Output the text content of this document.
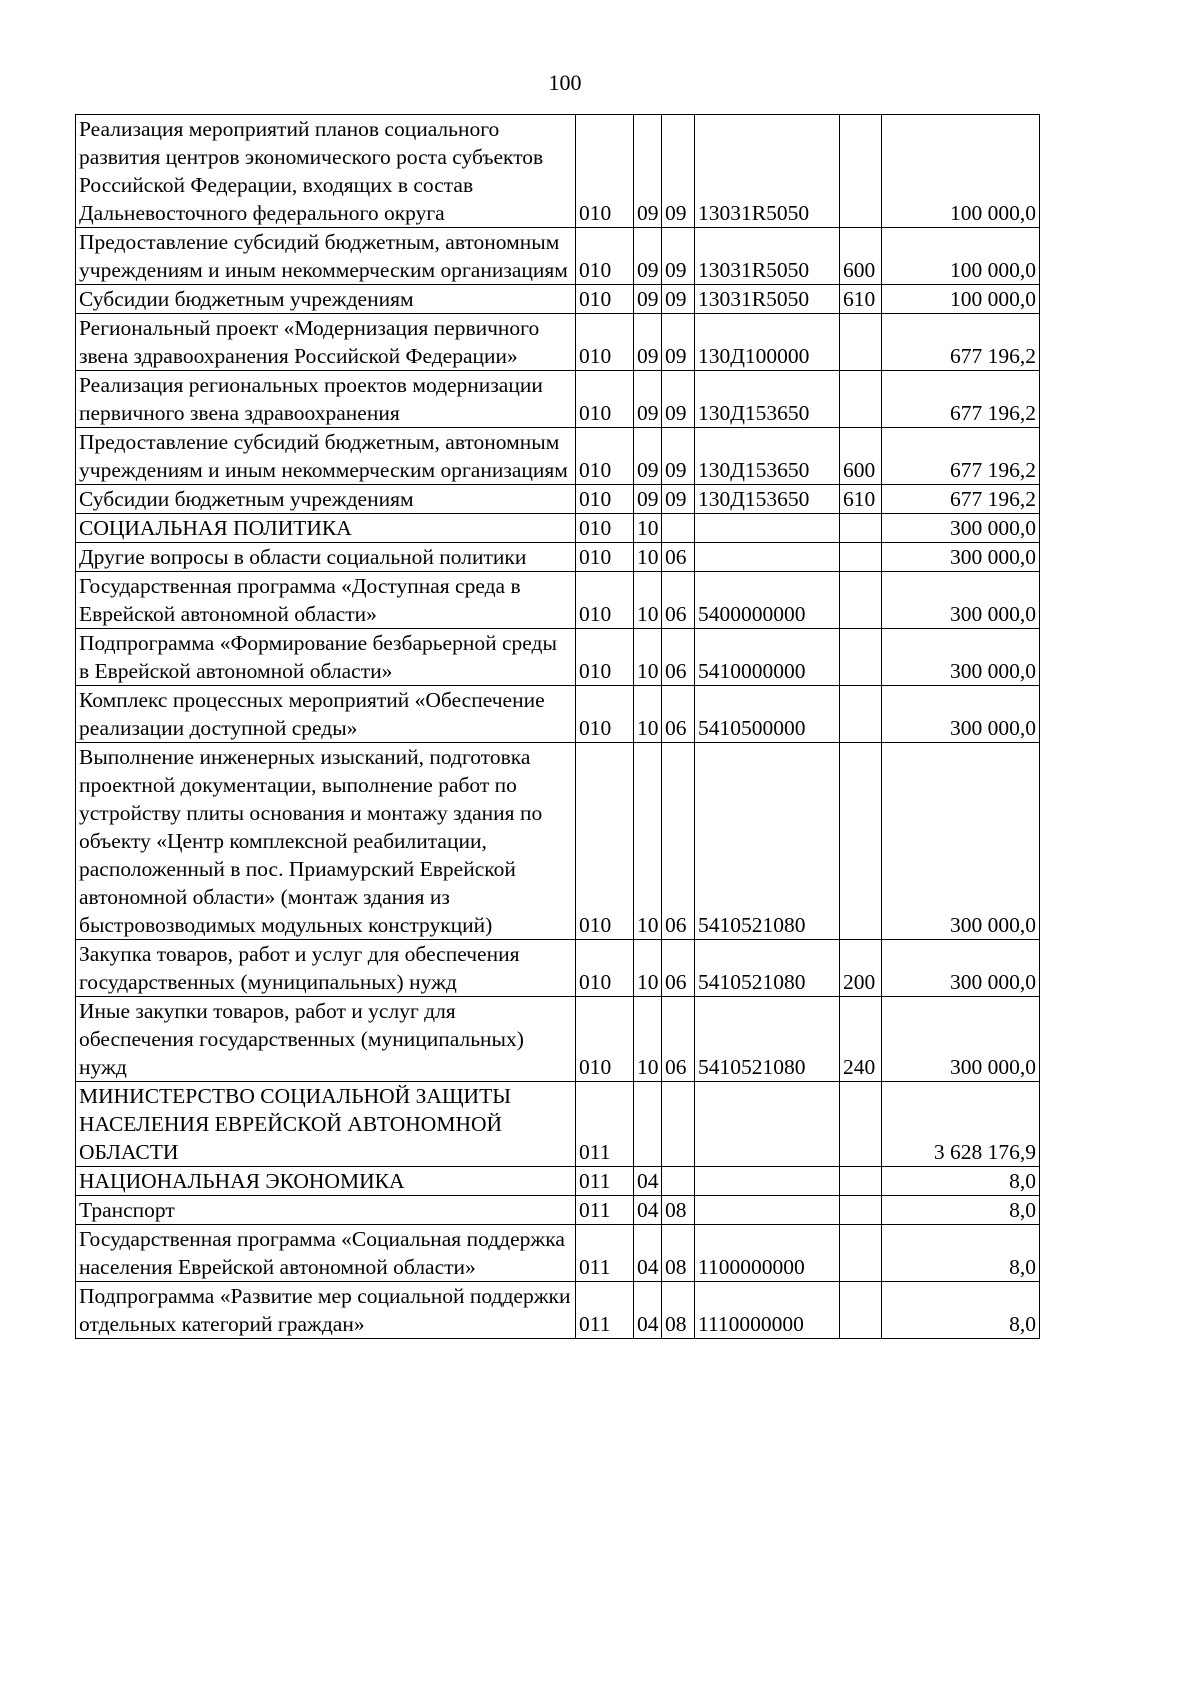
100
Реализация мероприятий планов социального развития центров экономического роста субъектов Российской Федерации, входящих в состав Дальневосточного федерального округа	010	09	09	13031R5050		100 000,0
Предоставление субсидий бюджетным, автономным учреждениям и иным некоммерческим организациям	010	09	09	13031R5050	600	100 000,0
Субсидии бюджетным учреждениям	010	09	09	13031R5050	610	100 000,0
Региональный проект «Модернизация первичного звена здравоохранения Российской Федерации»	010	09	09	130Д100000		677 196,2
Реализация региональных проектов модернизации первичного звена здравоохранения	010	09	09	130Д153650		677 196,2
Предоставление субсидий бюджетным, автономным учреждениям и иным некоммерческим организациям	010	09	09	130Д153650	600	677 196,2
Субсидии бюджетным учреждениям	010	09	09	130Д153650	610	677 196,2
СОЦИАЛЬНАЯ ПОЛИТИКА	010	10				300 000,0
Другие вопросы в области социальной политики	010	10	06			300 000,0
Государственная программа «Доступная среда в Еврейской автономной области»	010	10	06	5400000000		300 000,0
Подпрограмма «Формирование безбарьерной среды в Еврейской автономной области»	010	10	06	5410000000		300 000,0
Комплекс процессных мероприятий «Обеспечение реализации доступной среды»	010	10	06	5410500000		300 000,0
Выполнение инженерных изысканий, подготовка проектной документации, выполнение работ по устройству плиты основания и монтажу здания по объекту «Центр комплексной реабилитации, расположенный в пос. Приамурский Еврейской автономной области» (монтаж здания из быстровозводимых модульных конструкций)	010	10	06	5410521080		300 000,0
Закупка товаров, работ и услуг для обеспечения государственных (муниципальных) нужд	010	10	06	5410521080	200	300 000,0
Иные закупки товаров, работ и услуг для обеспечения государственных (муниципальных) нужд	010	10	06	5410521080	240	300 000,0
МИНИСТЕРСТВО СОЦИАЛЬНОЙ ЗАЩИТЫ НАСЕЛЕНИЯ ЕВРЕЙСКОЙ АВТОНОМНОЙ ОБЛАСТИ	011					3 628 176,9
НАЦИОНАЛЬНАЯ ЭКОНОМИКА	011	04				8,0
Транспорт	011	04	08			8,0
Государственная программа «Социальная поддержка населения Еврейской автономной области»	011	04	08	1100000000		8,0
Подпрограмма «Развитие мер социальной поддержки отдельных категорий граждан»	011	04	08	1110000000		8,0
